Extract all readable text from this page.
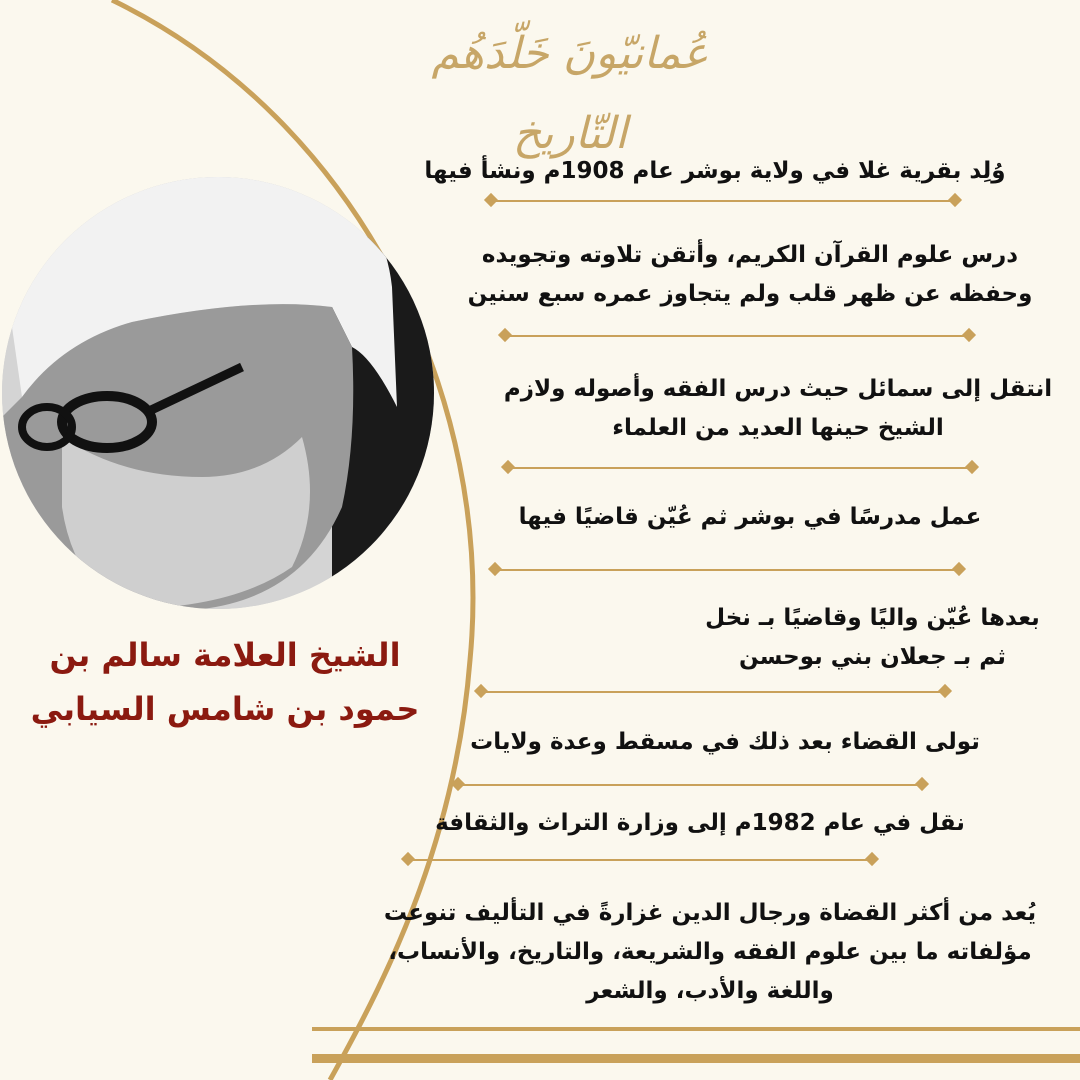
عُمانيّونَ خَلّدَهُم التّاريخ
الشيخ العلامة سالم بن حمود بن شامس السيابي
وُلِد بقرية غلا في ولاية بوشر عام 1908م ونشأ فيها
درس علوم القرآن الكريم، وأتقن تلاوته وتجويده وحفظه عن ظهر قلب ولم يتجاوز عمره سبع سنين
انتقل إلى سمائل حيث درس الفقه وأصوله ولازم الشيخ حينها العديد من العلماء
عمل مدرسًا في بوشر ثم عُيّن قاضيًا فيها
بعدها عُيّن واليًا وقاضيًا بـ نخل ثم بـ جعلان بني بوحسن
تولى القضاء بعد ذلك في مسقط وعدة ولايات
نقل في عام 1982م إلى وزارة التراث والثقافة
يُعد من أكثر القضاة ورجال الدين غزارةً في التأليف تنوعت مؤلفاته ما بين علوم الفقه والشريعة، والتاريخ، والأنساب، واللغة والأدب، والشعر
